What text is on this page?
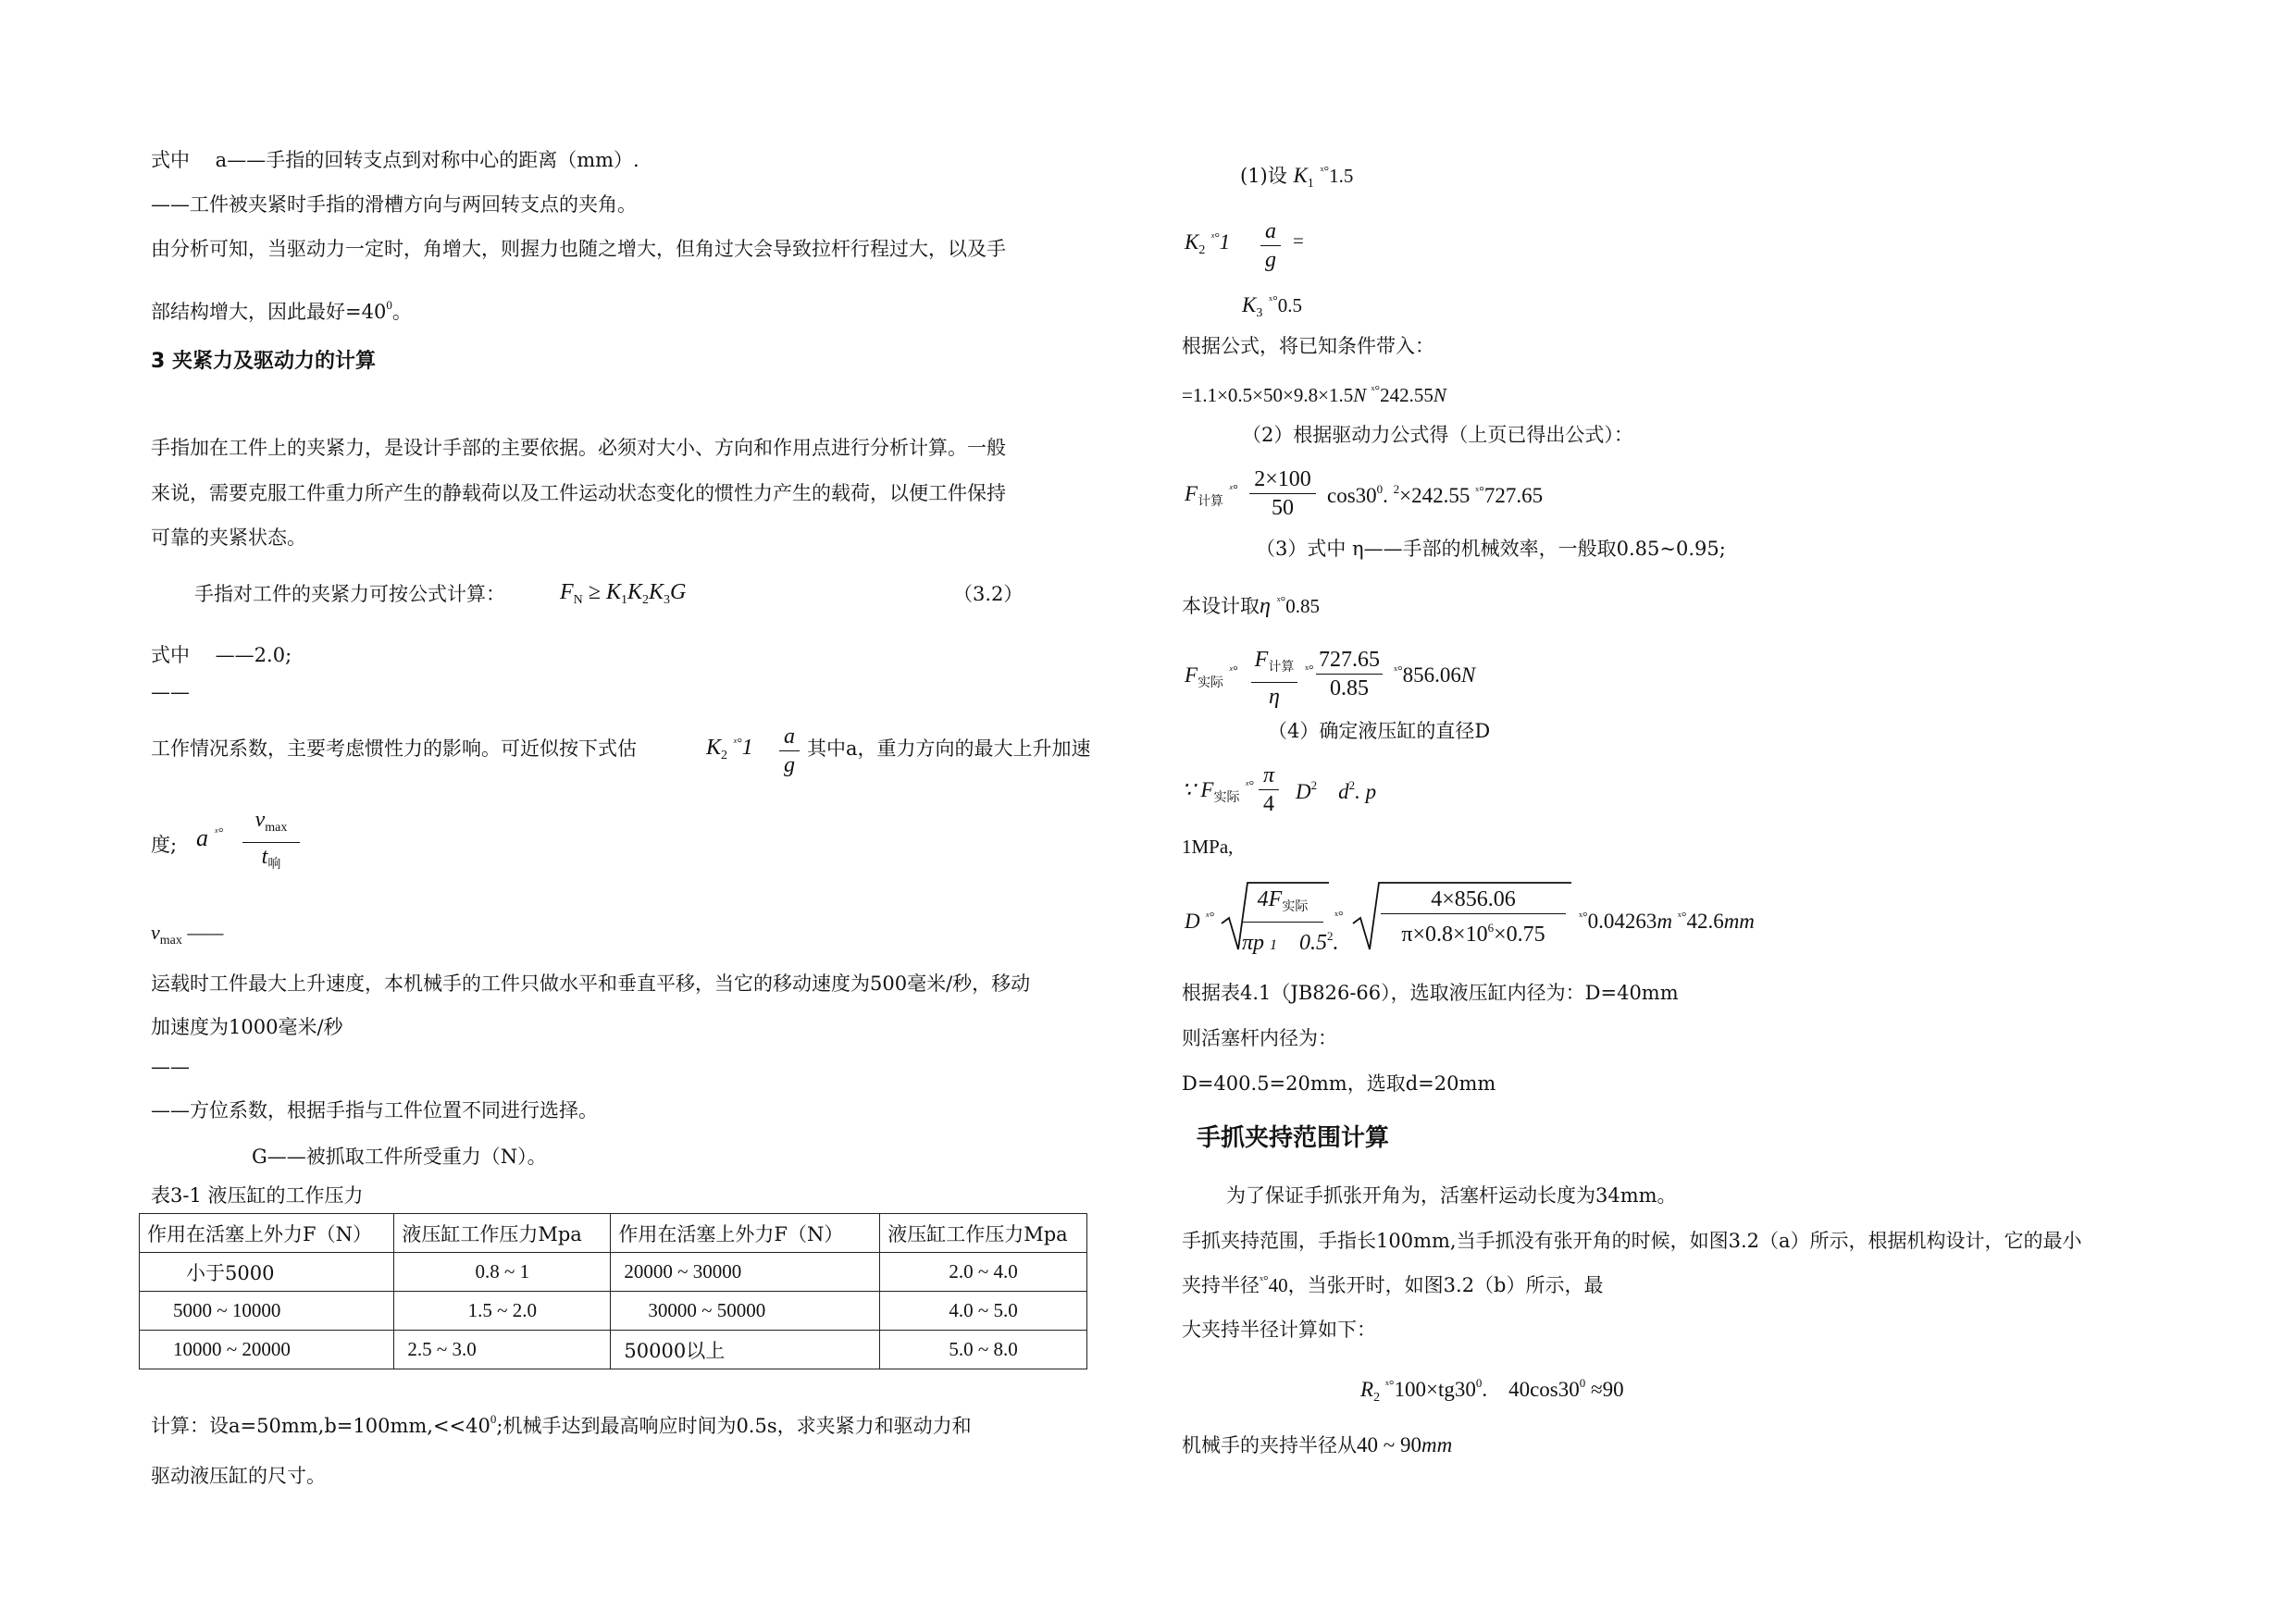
式中　 a——手指的回转支点到对称中心的距离（mm）.
——工件被夹紧时手指的滑槽方向与两回转支点的夹角。
由分析可知，当驱动力一定时，角增大，则握力也随之增大，但角过大会导致拉杆行程过大，以及手
部结构增大，因此最好$=40^0$。
3 夹紧力及驱动力的计算
手指加在工件上的夹紧力，是设计手部的主要依据。必须对大小、方向和作用点进行分析计算。一般
来说，需要克服工件重力所产生的静载荷以及工件运动状态变化的惯性力产生的载荷，以便工件保持
可靠的夹紧状态。
手指对工件的夹紧力可按公式计算： $F_N \ge K_1K_2K_3G$	（3.2）
式中　 ——2.0;
——
工作情况系数，主要考虑惯性力的影响。可近似按下式估	$K_2$ $^{ˣ^\circ}$1 a
g
其中a，重力方向的最大上升加速
度; a $^{ˣ^\circ}$
$v_{max}$
$t_响$
$v_{max}$ ——
运载时工件最大上升速度，本机械手的工件只做水平和垂直平移，当它的移动速度为500毫米/秒，移动
加速度为1000毫米/秒
——
——方位系数，根据手指与工件位置不同进行选择。
G——被抓取工件所受重力（N）。
表3-1 液压缸的工作压力
作用在活塞上外力F（N）	液压缸工作压力Mpa	作用在活塞上外力F（N）	液压缸工作压力Mpa
小于5000	0.8 ~ 1	20000 ~ 30000	2.0 ~ 4.0
5000 ~ 10000	1.5 ~ 2.0	30000 ~ 50000	4.0 ~ 5.0
10000 ~ 20000	2.5 ~ 3.0	50000以上	5.0 ~ 8.0
计算：设$a=50mm,b=100mm,<<40^0$;机械手达到最高响应时间为0.5s，求夹紧力和驱动力和
驱动液压缸的尺寸。
(1)设 $K_1$ $^{ˣ^\circ}$1.5
$K_2$ $^{ˣ^\circ}$1 a
g
=
$K_3$ $^{ˣ^\circ}$0.5
根据公式，将已知条件带入：
=1.1×0.5×50×9.8×1.5N $^{ˣ^\circ}$242.55N
（2）根据驱动力公式得（上页已得出公式）：
$F_{计算}$ $^{ˣ^\circ}$ 2×100
50
$\cos 30^0$. $^2$×242.55 $^{ˣ^\circ}$727.65
（3）式中 η——手部的机械效率，一般取0.85~0.95;
本设计取η $^{ˣ^\circ}$0.85
$F_{实际}$ $^{ˣ^\circ}$ $F_{计算}$
η
ˣ° 727.65
0.85
$^{ˣ^\circ}$856.06N
（4）确定液压缸的直径D
∵ $F_{实际}$ $^{ˣ^\circ}$ π
4
$D^2$　$d^2$. p
1MPa,
D $^{ˣ^\circ}$
$4F_{实际}$
πp 1　 $0.5^2$.
ˣ°
4×856.06
$\pi\times 0.8\times 10^6\times 0.75$
$^{ˣ^\circ}$0.04263m $^{ˣ^\circ}$42.6mm
根据表4.1（JB826-66），选取液压缸内径为：D=40mm
则活塞杆内径为：
D=400.5=20mm，选取d=20mm
手抓夹持范围计算
为了保证手抓张开角为，活塞杆运动长度为34mm。
手抓夹持范围，手指长100mm,当手抓没有张开角的时候，如图3.2（a）所示，根据机构设计，它的最小
夹持半径$^{ˣ^\circ}$40，当张开时，如图3.2（b）所示，最
大夹持半径计算如下：
$R_2$ $^{ˣ^\circ}100\times tg30^0$.　$40\cos 30^0 \approx 90$
机械手的夹持半径从40 ~ 90mm
